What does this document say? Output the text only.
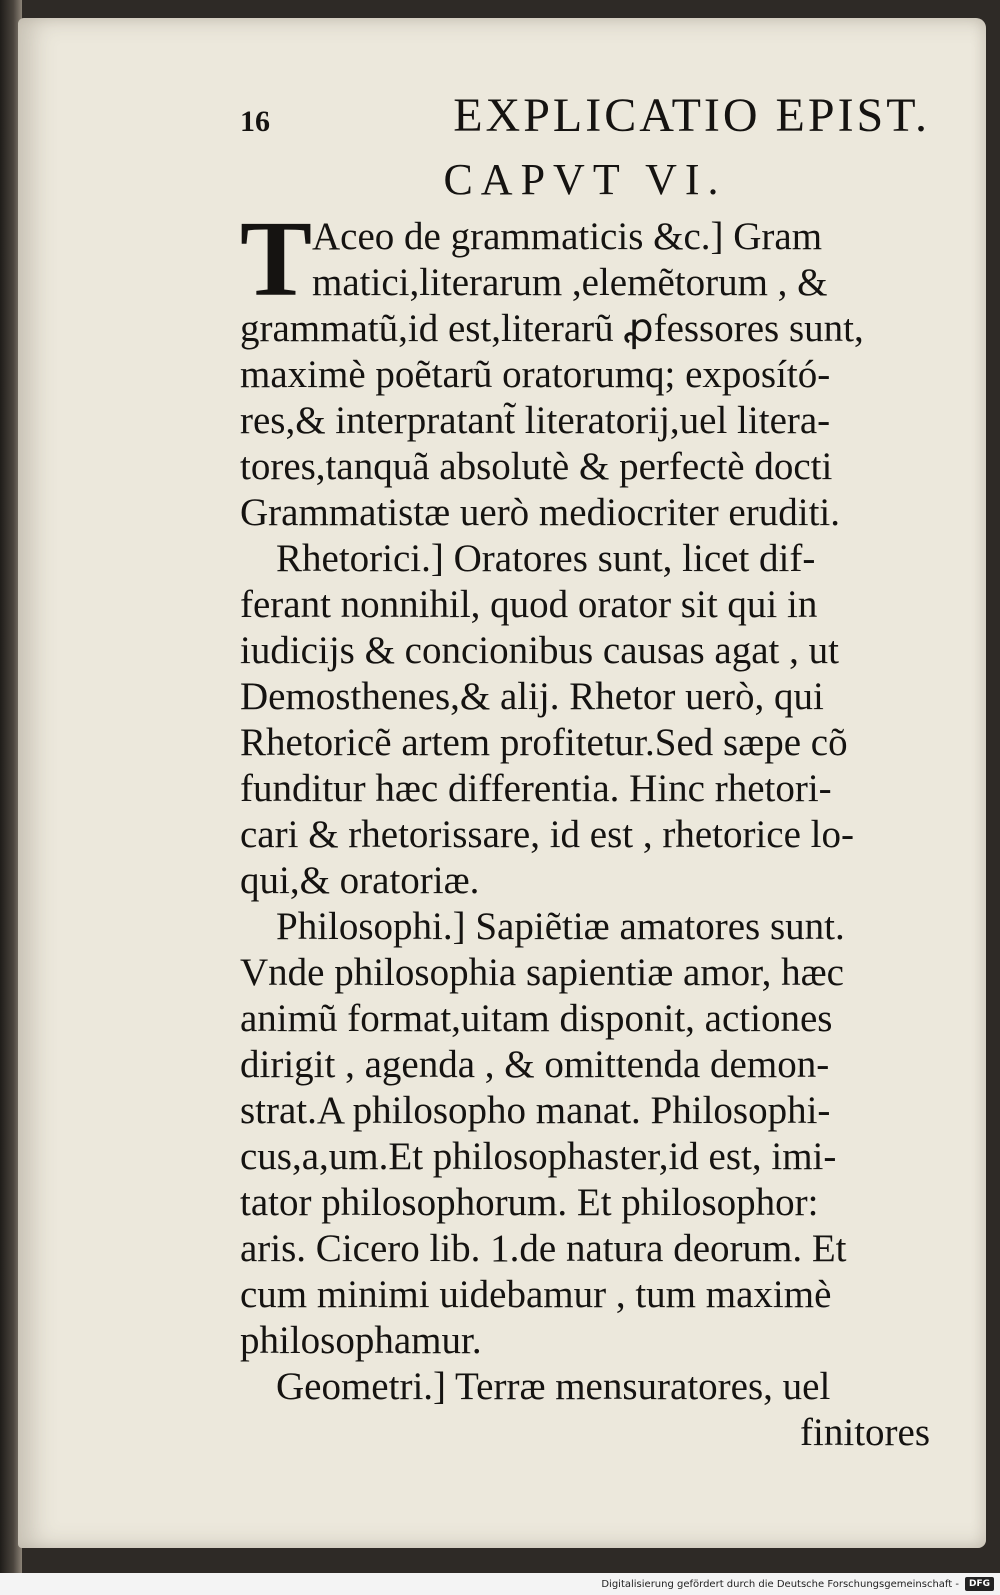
16	EXPLICATIO EPIST.
CAPVT VI.
T Aceo de grammaticis &c.] Gram
matici,literarum ,elemẽtorum , &
grammatũ,id est,literarũ ꝓfessores sunt,
maximè poẽtarũ oratorumq; exposító-
res,& interpratant̃ literatorij,uel litera-
tores,tanquã absolutè & perfectè docti
Grammatistæ uerò mediocriter eruditi.
Rhetorici.] Oratores sunt, licet dif-
ferant nonnihil, quod orator sit qui in
iudicijs & concionibus causas agat , ut
Demosthenes,& alij. Rhetor uerò, qui
Rhetoricẽ artem profitetur.Sed sæpe cõ
funditur hæc differentia. Hinc rhetori-
cari & rhetorissare, id est , rhetorice lo-
qui,& oratoriæ.
Philosophi.] Sapiẽtiæ amatores sunt.
Vnde philosophia sapientiæ amor, hæc
animũ format,uitam disponit, actiones
dirigit , agenda , & omittenda demon-
strat.A philosopho manat. Philosophi-
cus,a,um.Et philosophaster,id est, imi-
tator philosophorum. Et philosophor:
aris. Cicero lib. 1.de natura deorum. Et
cum minimi uidebamur , tum maximè
philosophamur.
Geometri.] Terræ mensuratores, uel
finitores
Digitalisierung gefördert durch die Deutsche Forschungsgemeinschaft -	DFG
